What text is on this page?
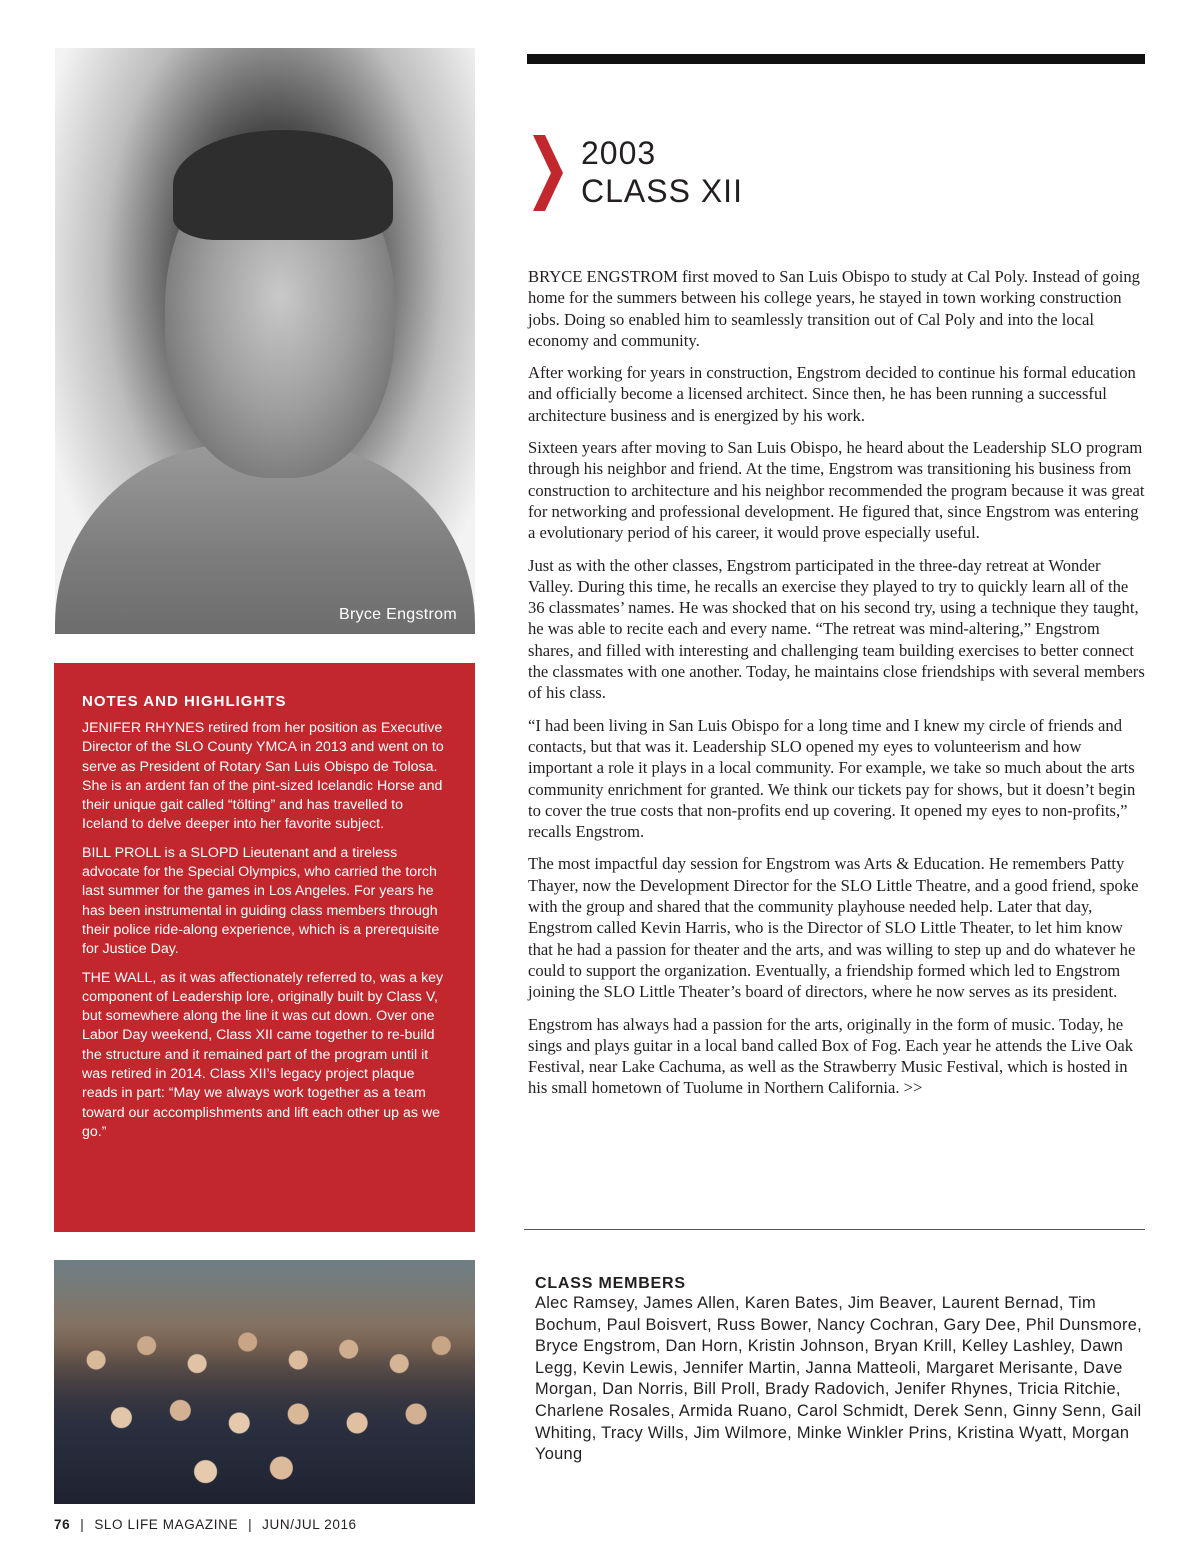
Bryce Engstrom
2003
CLASS XII

BRYCE ENGSTROM first moved to San Luis Obispo to study at Cal Poly. Instead of going home for the summers between his college years, he stayed in town working construction jobs. Doing so enabled him to seamlessly transition out of Cal Poly and into the local economy and community.

After working for years in construction, Engstrom decided to continue his formal education and officially become a licensed architect. Since then, he has been running a successful architecture business and is energized by his work.

Sixteen years after moving to San Luis Obispo, he heard about the Leadership SLO program through his neighbor and friend. At the time, Engstrom was transitioning his business from construction to architecture and his neighbor recommended the program because it was great for networking and professional development. He figured that, since Engstrom was entering a evolutionary period of his career, it would prove especially useful.

Just as with the other classes, Engstrom participated in the three-day retreat at Wonder Valley. During this time, he recalls an exercise they played to try to quickly learn all of the 36 classmates’ names. He was shocked that on his second try, using a technique they taught, he was able to recite each and every name. “The retreat was mind-altering,” Engstrom shares, and filled with interesting and challenging team building exercises to better connect the classmates with one another. Today, he maintains close friendships with several members of his class.

“I had been living in San Luis Obispo for a long time and I knew my circle of friends and contacts, but that was it. Leadership SLO opened my eyes to volunteerism and how important a role it plays in a local community. For example, we take so much about the arts community enrichment for granted. We think our tickets pay for shows, but it doesn’t begin to cover the true costs that non-profits end up covering. It opened my eyes to non-profits,” recalls Engstrom.

The most impactful day session for Engstrom was Arts & Education. He remembers Patty Thayer, now the Development Director for the SLO Little Theatre, and a good friend, spoke with the group and shared that the community playhouse needed help. Later that day, Engstrom called Kevin Harris, who is the Director of SLO Little Theater, to let him know that he had a passion for theater and the arts, and was willing to step up and do whatever he could to support the organization. Eventually, a friendship formed which led to Engstrom joining the SLO Little Theater’s board of directors, where he now serves as its president.

Engstrom has always had a passion for the arts, originally in the form of music. Today, he sings and plays guitar in a local band called Box of Fog. Each year he attends the Live Oak Festival, near Lake Cachuma, as well as the Strawberry Music Festival, which is hosted in his small hometown of Tuolume in Northern California. >>

NOTES AND HIGHLIGHTS

JENIFER RHYNES retired from her position as Executive Director of the SLO County YMCA in 2013 and went on to serve as President of Rotary San Luis Obispo de Tolosa. She is an ardent fan of the pint-sized Icelandic Horse and their unique gait called “tölting” and has travelled to Iceland to delve deeper into her favorite subject.

BILL PROLL is a SLOPD Lieutenant and a tireless advocate for the Special Olympics, who carried the torch last summer for the games in Los Angeles. For years he has been instrumental in guiding class members through their police ride-along experience, which is a prerequisite for Justice Day.

THE WALL, as it was affectionately referred to, was a key component of Leadership lore, originally built by Class V, but somewhere along the line it was cut down. Over one Labor Day weekend, Class XII came together to re-build the structure and it remained part of the program until it was retired in 2014. Class XII’s legacy project plaque reads in part: “May we always work together as a team toward our accomplishments and lift each other up as we go.”

CLASS MEMBERS
Alec Ramsey, James Allen, Karen Bates, Jim Beaver, Laurent Bernad, Tim Bochum, Paul Boisvert, Russ Bower, Nancy Cochran, Gary Dee, Phil Dunsmore, Bryce Engstrom, Dan Horn, Kristin Johnson, Bryan Krill, Kelley Lashley, Dawn Legg, Kevin Lewis, Jennifer Martin, Janna Matteoli, Margaret Merisante, Dave Morgan, Dan Norris, Bill Proll, Brady Radovich, Jenifer Rhynes, Tricia Ritchie, Charlene Rosales, Armida Ruano, Carol Schmidt, Derek Senn, Ginny Senn, Gail Whiting, Tracy Wills, Jim Wilmore, Minke Winkler Prins, Kristina Wyatt, Morgan Young
76 | SLO LIFE MAGAZINE | JUN/JUL 2016
